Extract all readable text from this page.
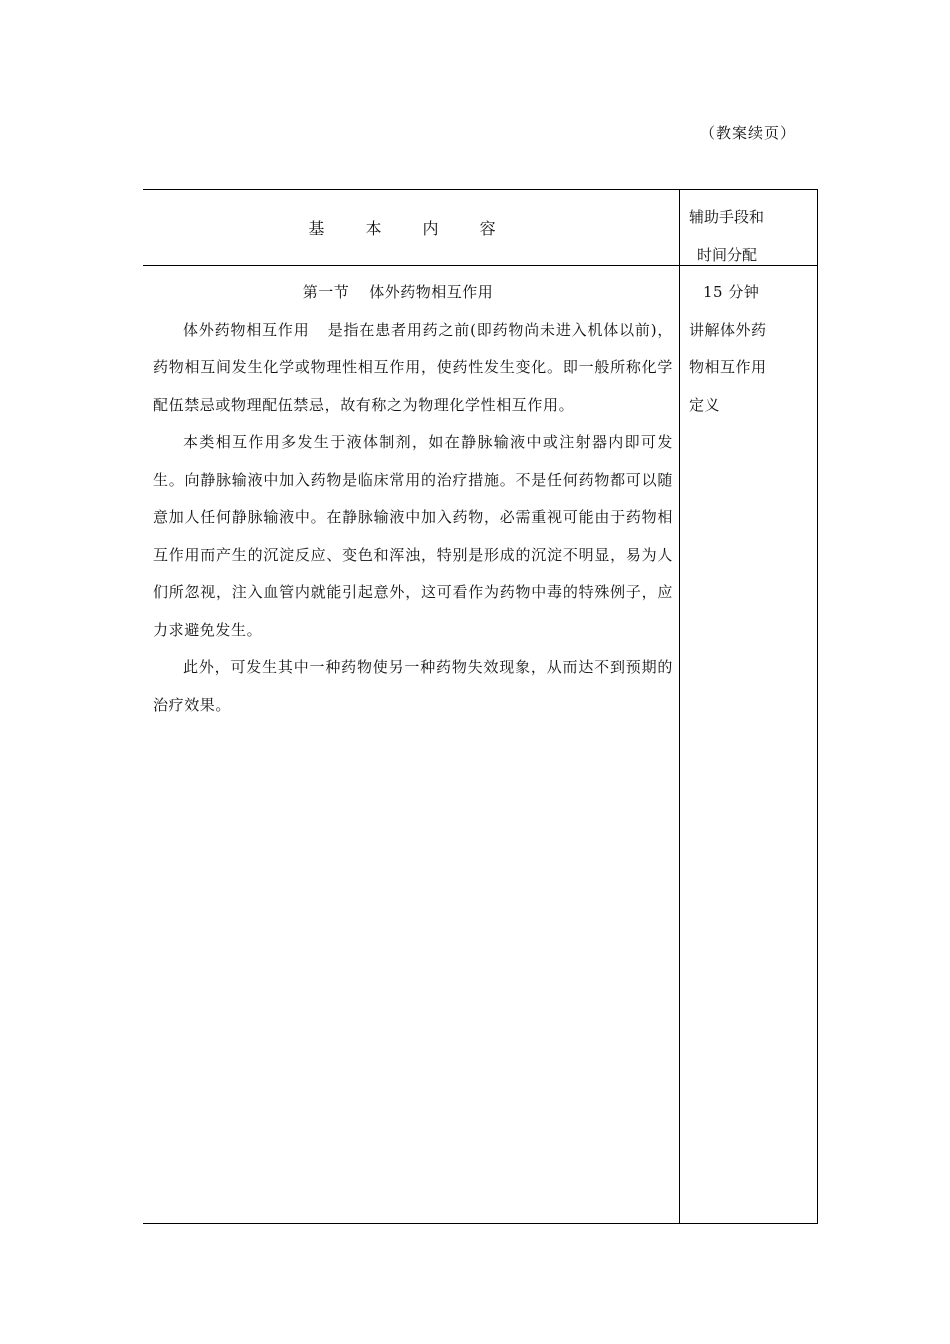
（教案续页）
基 本 内 容
辅助手段和
时间分配

第一节 体外药物相互作用

体外药物相互作用 是指在患者用药之前(即药物尚未进入机体以前)，药物相互间发生化学或物理性相互作用，使药性发生变化。即一般所称化学配伍禁忌或物理配伍禁忌，故有称之为物理化学性相互作用。

本类相互作用多发生于液体制剂，如在静脉输液中或注射器内即可发生。向静脉输液中加入药物是临床常用的治疗措施。不是任何药物都可以随意加人任何静脉输液中。在静脉输液中加入药物，必需重视可能由于药物相互作用而产生的沉淀反应、变色和浑浊，特别是形成的沉淀不明显，易为人们所忽视，注入血管内就能引起意外，这可看作为药物中毒的特殊例子，应力求避免发生。

此外，可发生其中一种药物使另一种药物失效现象，从而达不到预期的治疗效果。

15 分钟
讲解体外药
物相互作用
定义
